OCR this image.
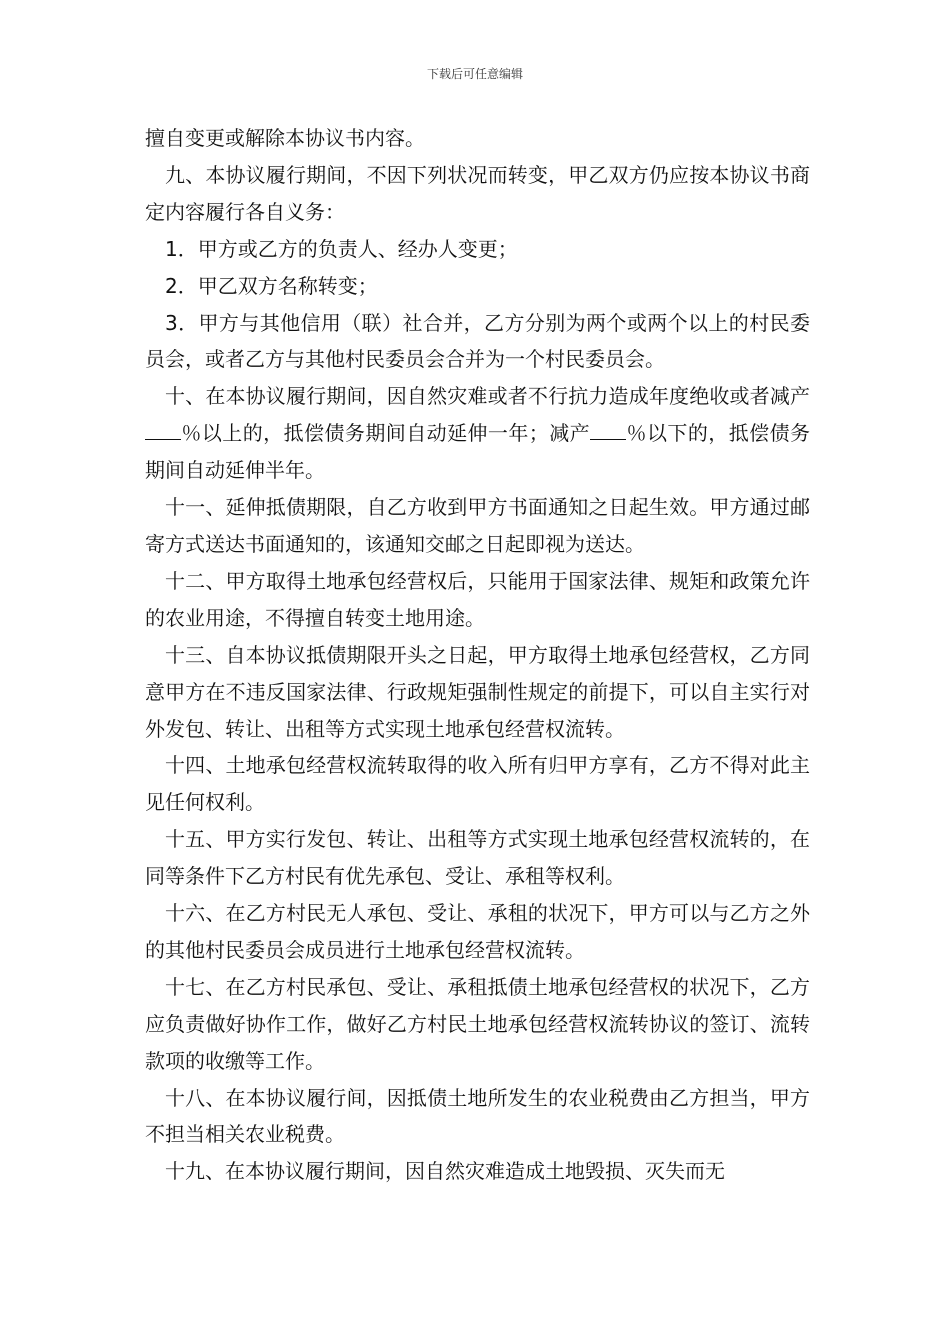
下载后可任意编辑

擅自变更或解除本协议书内容。

九、本协议履行期间，不因下列状况而转变，甲乙双方仍应按本协议书商定内容履行各自义务：

1．甲方或乙方的负责人、经办人变更；

2．甲乙双方名称转变；

3．甲方与其他信用（联）社合并，乙方分别为两个或两个以上的村民委员会，或者乙方与其他村民委员会合并为一个村民委员会。

十、在本协议履行期间，因自然灾难或者不行抗力造成年度绝收或者减产％以上的，抵偿债务期间自动延伸一年；减产 ％以下的，抵偿债务期间自动延伸半年。

十一、延伸抵债期限，自乙方收到甲方书面通知之日起生效。甲方通过邮寄方式送达书面通知的，该通知交邮之日起即视为送达。

十二、甲方取得土地承包经营权后，只能用于国家法律、规矩和政策允许的农业用途，不得擅自转变土地用途。

十三、自本协议抵债期限开头之日起，甲方取得土地承包经营权，乙方同意甲方在不违反国家法律、行政规矩强制性规定的前提下，可以自主实行对外发包、转让、出租等方式实现土地承包经营权流转。

十四、土地承包经营权流转取得的收入所有归甲方享有，乙方不得对此主见任何权利。

十五、甲方实行发包、转让、出租等方式实现土地承包经营权流转的，在同等条件下乙方村民有优先承包、受让、承租等权利。

十六、在乙方村民无人承包、受让、承租的状况下，甲方可以与乙方之外的其他村民委员会成员进行土地承包经营权流转。

十七、在乙方村民承包、受让、承租抵债土地承包经营权的状况下，乙方应负责做好协作工作，做好乙方村民土地承包经营权流转协议的签订、流转款项的收缴等工作。

十八、在本协议履行间，因抵债土地所发生的农业税费由乙方担当，甲方不担当相关农业税费。

十九、在本协议履行期间，因自然灾难造成土地毁损、灭失而无
